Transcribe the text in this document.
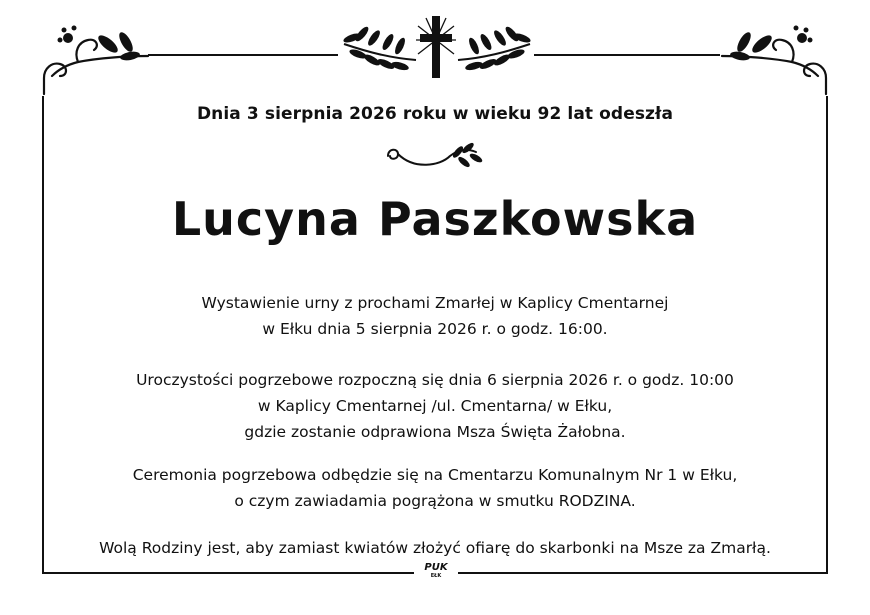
Dnia 3 sierpnia 2026 roku w wieku 92 lat odeszła
Lucyna Paszkowska
Wystawienie urny z prochami Zmarłej w Kaplicy Cmentarnej
w Ełku dnia 5 sierpnia 2026 r. o godz. 16:00.
Uroczystości pogrzebowe rozpoczną się dnia 6 sierpnia 2026 r. o godz. 10:00
w Kaplicy Cmentarnej /ul. Cmentarna/ w Ełku,
gdzie zostanie odprawiona Msza Święta Żałobna.
Ceremonia pogrzebowa odbędzie się na Cmentarzu Komunalnym Nr 1 w Ełku,
o czym zawiadamia pogrążona w smutku RODZINA.
Wolą Rodziny jest, aby zamiast kwiatów złożyć ofiarę do skarbonki na Msze za Zmarłą.
PUK
EŁK
